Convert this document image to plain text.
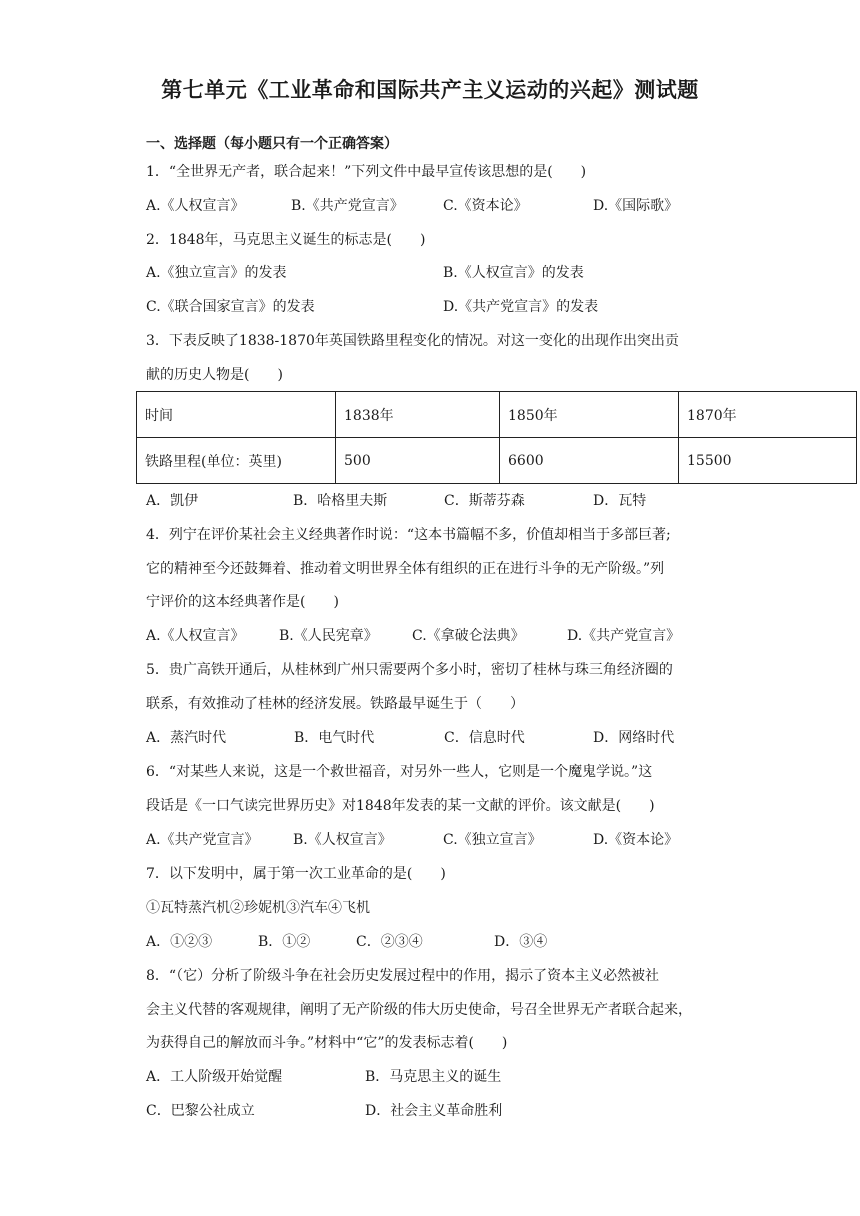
第七单元《工业革命和国际共产主义运动的兴起》测试题
一、选择题（每小题只有一个正确答案）
1．“全世界无产者，联合起来！”下列文件中最早宣传该思想的是(　　)
A.《人权宣言》	B.《共产党宣言》	C.《资本论》	D.《国际歌》
2．1848年，马克思主义诞生的标志是(　　)
A.《独立宣言》的发表	B.《人权宣言》的发表
C.《联合国家宣言》的发表	D.《共产党宣言》的发表
3．下表反映了1838-1870年英国铁路里程变化的情况。对这一变化的出现作出突出贡
献的历史人物是(　　)
时间	1838年	1850年	1870年
铁路里程(单位：英里)	500	6600	15500
A．凯伊	B．哈格里夫斯	C．斯蒂芬森	D．瓦特
4．列宁在评价某社会主义经典著作时说：“这本书篇幅不多，价值却相当于多部巨著;
它的精神至今还鼓舞着、推动着文明世界全体有组织的正在进行斗争的无产阶级。”列
宁评价的这本经典著作是(　　)
A.《人权宣言》 B.《人民宪章》 C.《拿破仑法典》	D.《共产党宣言》
5．贵广高铁开通后，从桂林到广州只需要两个多小时，密切了桂林与珠三角经济圈的
联系，有效推动了桂林的经济发展。铁路最早诞生于（　　）
A．蒸汽时代	B．电气时代	C．信息时代	D．网络时代
6．“对某些人来说，这是一个救世福音，对另外一些人，它则是一个魔鬼学说。”这
段话是《一口气读完世界历史》对1848年发表的某一文献的评价。该文献是(　　)
A.《共产党宣言》 B.《人权宣言》	C.《独立宣言》	D.《资本论》
7．以下发明中，属于第一次工业革命的是(　　)
①瓦特蒸汽机②珍妮机③汽车④飞机
A．①②③	B．①②	C．②③④	D．③④
8．“（它）分析了阶级斗争在社会历史发展过程中的作用，揭示了资本主义必然被社
会主义代替的客观规律，阐明了无产阶级的伟大历史使命，号召全世界无产者联合起来，
为获得自己的解放而斗争。”材料中“它”的发表标志着(　　)
A．工人阶级开始觉醒	B．马克思主义的诞生
C．巴黎公社成立	D．社会主义革命胜利
